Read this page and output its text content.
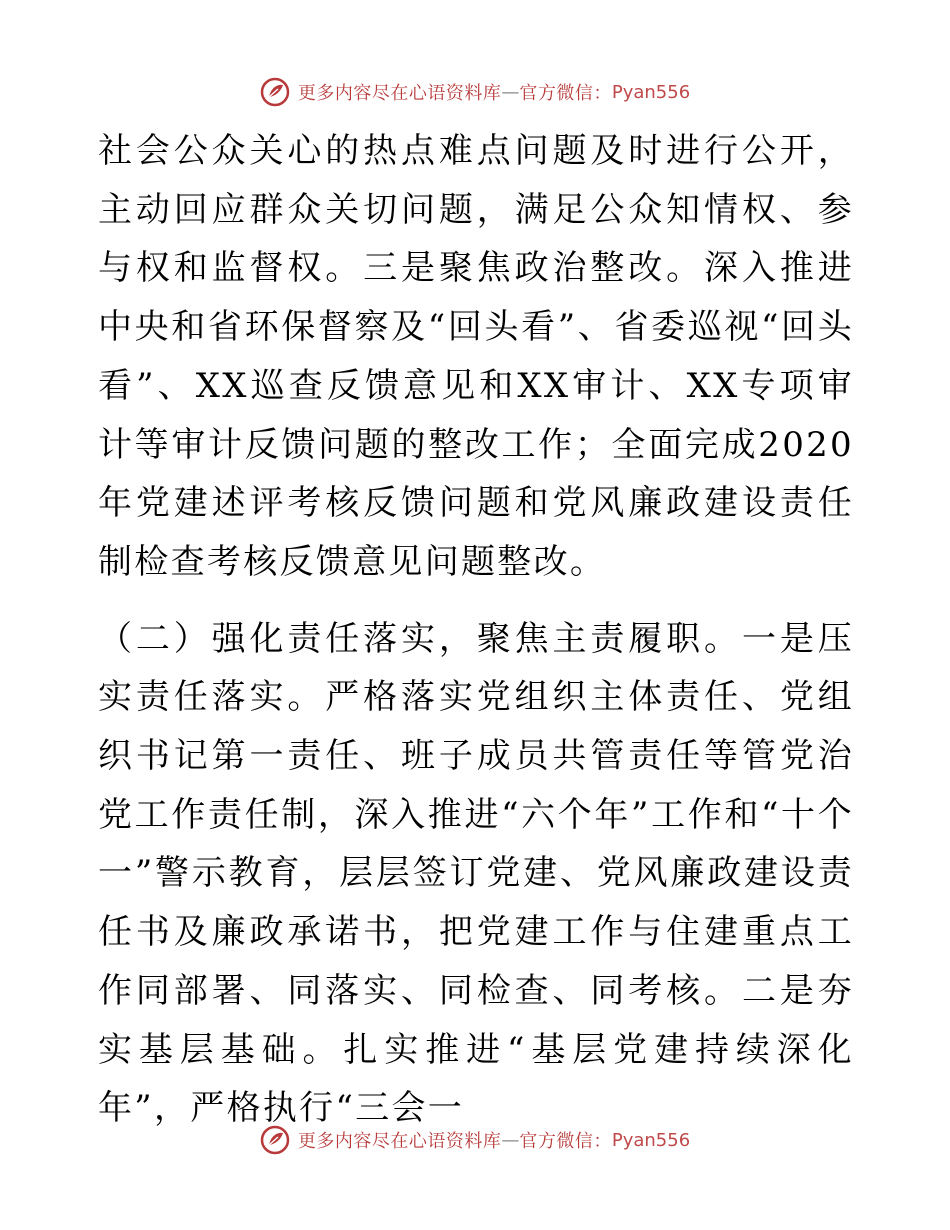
更多内容尽在心语资料库 — 官方微信： Pyan556

社会公众关心的热点难点问题及时进行公开，主动回应群众关切问题，满足公众知情权、参与权和监督权。三是聚焦政治整改。深入推进中央和省环保督察及“回头看”、省委巡视“回头看”、XX巡查反馈意见和XX审计、XX专项审计等审计反馈问题的整改工作；全面完成2020年党建述评考核反馈问题和党风廉政建设责任制检查考核反馈意见问题整改。

（二）强化责任落实，聚焦主责履职。一是压实责任落实。严格落实党组织主体责任、党组织书记第一责任、班子成员共管责任等管党治党工作责任制，深入推进“六个年”工作和“十个一”警示教育，层层签订党建、党风廉政建设责任书及廉政承诺书，把党建工作与住建重点工作同部署、同落实、同检查、同考核。二是夯实基层基础。扎实推进“基层党建持续深化年”，严格执行“三会一

更多内容尽在心语资料库 — 官方微信： Pyan556
